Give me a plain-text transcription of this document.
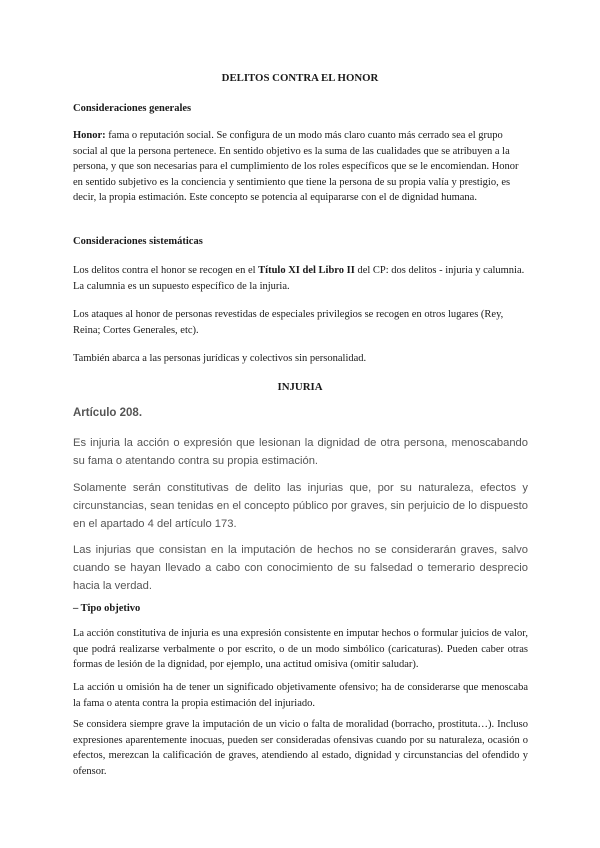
DELITOS CONTRA EL HONOR

Consideraciones generales

Honor: fama o reputación social. Se configura de un modo más claro cuanto más cerrado sea el grupo social al que la persona pertenece. En sentido objetivo es la suma de las cualidades que se atribuyen a la persona, y que son necesarias para el cumplimiento de los roles específicos que se le encomiendan. Honor en sentido subjetivo es la conciencia y sentimiento que tiene la persona de su propia valía y prestigio, es decir, la propia estimación. Este concepto se potencia al equipararse con el de dignidad humana.

Consideraciones sistemáticas

Los delitos contra el honor se recogen en el Título XI del Libro II del CP: dos delitos - injuria y calumnia. La calumnia es un supuesto específico de la injuria.

Los ataques al honor de personas revestidas de especiales privilegios se recogen en otros lugares (Rey, Reina; Cortes Generales, etc).

También abarca a las personas jurídicas y colectivos sin personalidad.

INJURIA

Artículo 208.

Es injuria la acción o expresión que lesionan la dignidad de otra persona, menoscabando su fama o atentando contra su propia estimación.

Solamente serán constitutivas de delito las injurias que, por su naturaleza, efectos y circunstancias, sean tenidas en el concepto público por graves, sin perjuicio de lo dispuesto en el apartado 4 del artículo 173.

Las injurias que consistan en la imputación de hechos no se considerarán graves, salvo cuando se hayan llevado a cabo con conocimiento de su falsedad o temerario desprecio hacia la verdad.

– Tipo objetivo

La acción constitutiva de injuria es una expresión consistente en imputar hechos o formular juicios de valor, que podrá realizarse verbalmente o por escrito, o de un modo simbólico (caricaturas). Pueden caber otras formas de lesión de la dignidad, por ejemplo, una actitud omisiva (omitir saludar).

La acción u omisión ha de tener un significado objetivamente ofensivo; ha de considerarse que menoscaba la fama o atenta contra la propia estimación del injuriado.

Se considera siempre grave la imputación de un vicio o falta de moralidad (borracho, prostituta…). Incluso expresiones aparentemente inocuas, pueden ser consideradas ofensivas cuando por su naturaleza, ocasión o efectos, merezcan la calificación de graves, atendiendo al estado, dignidad y circunstancias del ofendido y ofensor.
